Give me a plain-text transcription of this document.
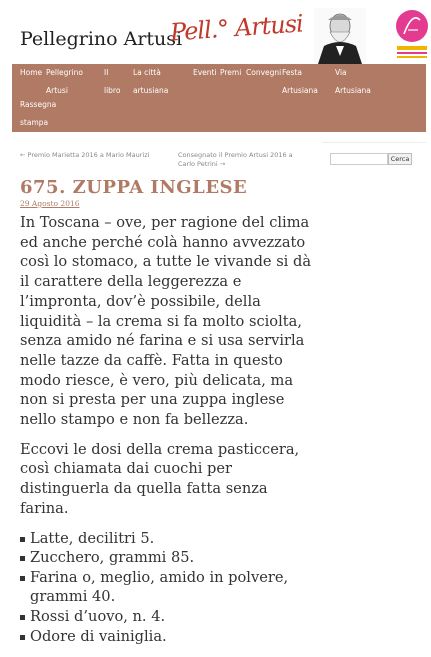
Pellegrino Artusi
Pell.° Artusi
Home Pellegrino
Artusi
Il
libro
La città
artusiana
Eventi Premi Convegni Festa
Artusiana
Via
Artusiana
Rassegna
stampa
← Premio Marietta 2016 a Mario Maurizi	Consegnato il Premio Artusi 2016 a Carlo Petrini →
Cerca
675. ZUPPA INGLESE
29 Agosto 2016

In Toscana – ove, per ragione del clima ed anche perché colà hanno avvezzato così lo stomaco, a tutte le vivande si dà il carattere della leggerezza e l’impronta, dov’è possibile, della liquidità – la crema si fa molto sciolta, senza amido né farina e si usa servirla nelle tazze da caffè. Fatta in questo modo riesce, è vero, più delicata, ma non si presta per una zuppa inglese nello stampo e non fa bellezza.

Eccovi le dosi della crema pasticcera, così chiamata dai cuochi per distinguerla da quella fatta senza farina.

Latte, decilitri 5.
Zucchero, grammi 85.
Farina o, meglio, amido in polvere, grammi 40.
Rossi d’uovo, n. 4.
Odore di vainiglia.
